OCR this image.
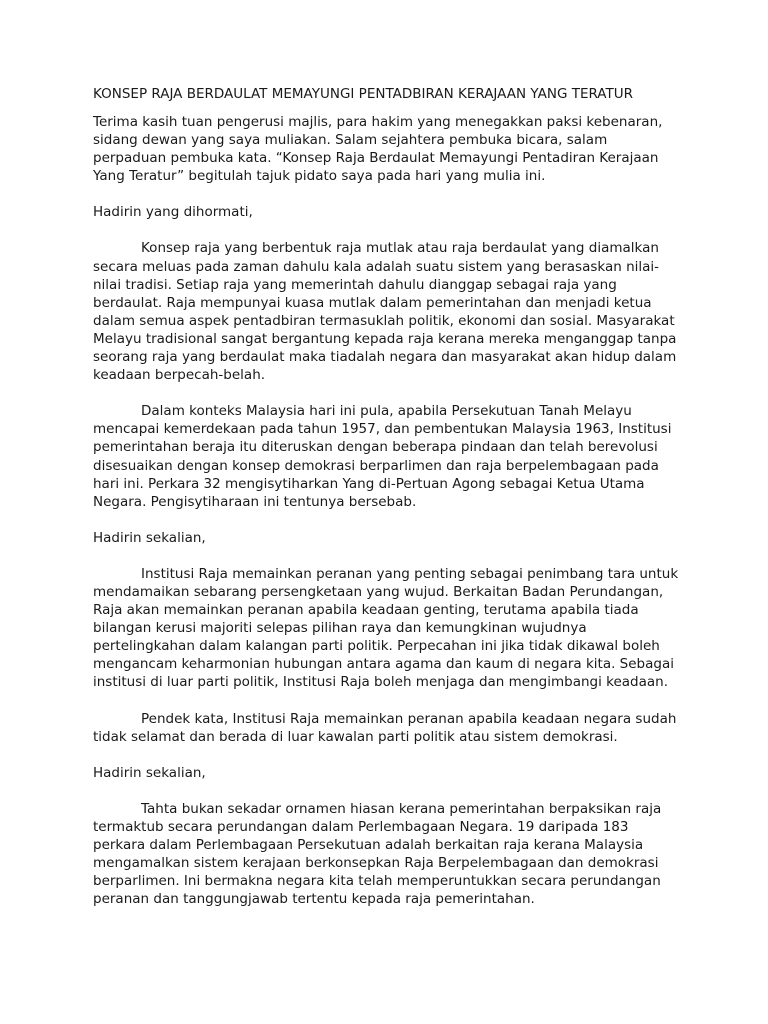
KONSEP RAJA BERDAULAT MEMAYUNGI PENTADBIRAN KERAJAAN YANG TERATUR

Terima kasih tuan pengerusi majlis, para hakim yang menegakkan paksi kebenaran, sidang dewan yang saya muliakan. Salam sejahtera pembuka bicara, salam perpaduan pembuka kata. “Konsep Raja Berdaulat Memayungi Pentadiran Kerajaan Yang Teratur” begitulah tajuk pidato saya pada hari yang mulia ini.

Hadirin yang dihormati,

Konsep raja yang berbentuk raja mutlak atau raja berdaulat yang diamalkan secara meluas pada zaman dahulu kala adalah suatu sistem yang berasaskan nilai-nilai tradisi. Setiap raja yang memerintah dahulu dianggap sebagai raja yang berdaulat. Raja mempunyai kuasa mutlak dalam pemerintahan dan menjadi ketua dalam semua aspek pentadbiran termasuklah politik, ekonomi dan sosial. Masyarakat Melayu tradisional sangat bergantung kepada raja kerana mereka menganggap tanpa seorang raja yang berdaulat maka tiadalah negara dan masyarakat akan hidup dalam keadaan berpecah-belah.

Dalam konteks Malaysia hari ini pula, apabila Persekutuan Tanah Melayu mencapai kemerdekaan pada tahun 1957, dan pembentukan Malaysia 1963, Institusi pemerintahan beraja itu diteruskan dengan beberapa pindaan dan telah berevolusi disesuaikan dengan konsep demokrasi berparlimen dan raja berpelembagaan pada hari ini. Perkara 32 mengisytiharkan Yang di-Pertuan Agong sebagai Ketua Utama Negara. Pengisytiharaan ini tentunya bersebab.

Hadirin sekalian,

Institusi Raja memainkan peranan yang penting sebagai penimbang tara untuk mendamaikan sebarang persengketaan yang wujud. Berkaitan Badan Perundangan, Raja akan memainkan peranan apabila keadaan genting, terutama apabila tiada bilangan kerusi majoriti selepas pilihan raya dan kemungkinan wujudnya pertelingkahan dalam kalangan parti politik. Perpecahan ini jika tidak dikawal boleh mengancam keharmonian hubungan antara agama dan kaum di negara kita. Sebagai institusi di luar parti politik, Institusi Raja boleh menjaga dan mengimbangi keadaan.

Pendek kata, Institusi Raja memainkan peranan apabila keadaan negara sudah tidak selamat dan berada di luar kawalan parti politik atau sistem demokrasi.

Hadirin sekalian,

Tahta bukan sekadar ornamen hiasan kerana pemerintahan berpaksikan raja termaktub secara perundangan dalam Perlembagaan Negara. 19 daripada 183 perkara dalam Perlembagaan Persekutuan adalah berkaitan raja kerana Malaysia mengamalkan sistem kerajaan berkonsepkan Raja Berpelembagaan dan demokrasi berparlimen. Ini bermakna negara kita telah memperuntukkan secara perundangan peranan dan tanggungjawab tertentu kepada raja pemerintahan.
